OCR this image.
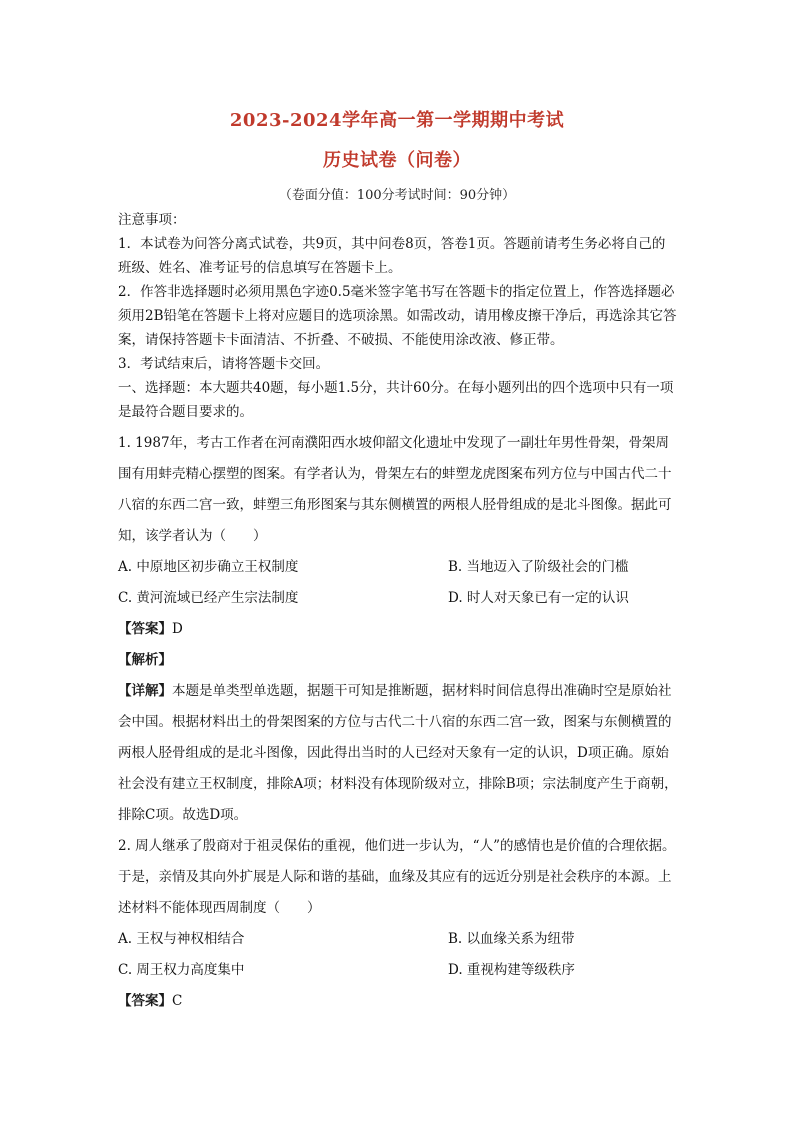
2023-2024学年高一第一学期期中考试
历史试卷（问卷）
（卷面分值：100分考试时间：90分钟）

注意事项：

1．本试卷为问答分离式试卷，共9页，其中问卷8页，答卷1页。答题前请考生务必将自己的班级、姓名、准考证号的信息填写在答题卡上。

2．作答非选择题时必须用黑色字迹0.5毫米签字笔书写在答题卡的指定位置上，作答选择题必须用2B铅笔在答题卡上将对应题目的选项涂黑。如需改动，请用橡皮擦干净后，再选涂其它答案，请保持答题卡卡面清洁、不折叠、不破损、不能使用涂改液、修正带。

3．考试结束后，请将答题卡交回。

一、选择题：本大题共40题，每小题1.5分，共计60分。在每小题列出的四个选项中只有一项是最符合题目要求的。

1. 1987年，考古工作者在河南濮阳西水坡仰韶文化遗址中发现了一副壮年男性骨架，骨架周围有用蚌壳精心摆塑的图案。有学者认为，骨架左右的蚌塑龙虎图案布列方位与中国古代二十八宿的东西二宫一致，蚌塑三角形图案与其东侧横置的两根人胫骨组成的是北斗图像。据此可知，该学者认为（　　）

A. 中原地区初步确立王权制度	B. 当地迈入了阶级社会的门槛
C. 黄河流域已经产生宗法制度	D. 时人对天象已有一定的认识
【答案】D
【解析】

【详解】本题是单类型单选题，据题干可知是推断题，据材料时间信息得出准确时空是原始社会中国。根据材料出土的骨架图案的方位与古代二十八宿的东西二宫一致，图案与东侧横置的两根人胫骨组成的是北斗图像，因此得出当时的人已经对天象有一定的认识，D项正确。原始社会没有建立王权制度，排除A项；材料没有体现阶级对立，排除B项；宗法制度产生于商朝，排除C项。故选D项。

2. 周人继承了殷商对于祖灵保佑的重视，他们进一步认为，“人”的感情也是价值的合理依据。于是，亲情及其向外扩展是人际和谐的基础，血缘及其应有的远近分别是社会秩序的本源。上述材料不能体现西周制度（　　）

A. 王权与神权相结合	B. 以血缘关系为纽带
C. 周王权力高度集中	D. 重视构建等级秩序
【答案】C
